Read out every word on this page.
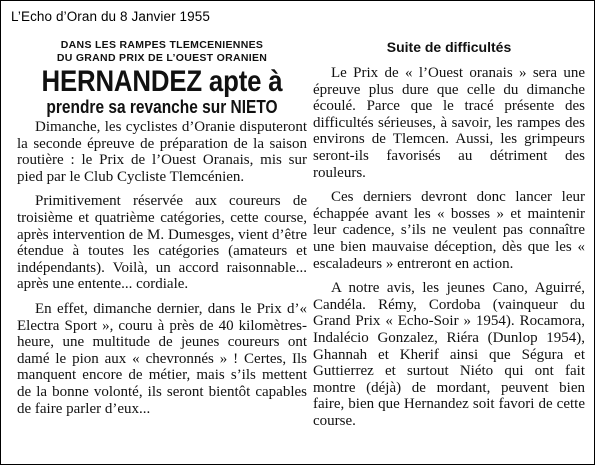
L’Echo d’Oran du 8 Janvier 1955
DANS LES RAMPES TLEMCENIENNES
DU GRAND PRIX DE L’OUEST ORANIEN
HERNANDEZ apte à
prendre sa revanche sur NIETO

Dimanche, les cyclistes d’Oranie disputeront la seconde épreuve de préparation de la saison routière : le Prix de l’Ouest Oranais, mis sur pied par le Club Cycliste Tlemcénien.

Primitivement réservée aux coureurs de troisième et quatrième catégories, cette course, après intervention de M. Dumesges, vient d’être étendue à toutes les catégories (amateurs et indépendants). Voilà, un accord raisonnable... après une entente... cordiale.

En effet, dimanche dernier, dans le Prix d’« Electra Sport », couru à près de 40 kilomètres-heure, une multitude de jeunes coureurs ont damé le pion aux « chevronnés » ! Certes, Ils manquent encore de métier, mais s’ils mettent de la bonne volonté, ils seront bientôt capables de faire parler d’eux...

Suite de difficultés

Le Prix de « l’Ouest oranais » sera une épreuve plus dure que celle du dimanche écoulé. Parce que le tracé présente des difficultés sérieuses, à savoir, les rampes des environs de Tlemcen. Aussi, les grimpeurs seront-ils favorisés au détriment des rouleurs.

Ces derniers devront donc lancer leur échappée avant les « bosses » et maintenir leur cadence, s’ils ne veulent pas connaître une bien mauvaise déception, dès que les « escaladeurs » entreront en action.

A notre avis, les jeunes Cano, Aguirré, Candéla. Rémy, Cordoba (vainqueur du Grand Prix « Echo-Soir » 1954). Rocamora, Indalécio Gonzalez, Riéra (Dunlop 1954), Ghannah et Kherif ainsi que Ségura et Guttierrez et surtout Niéto qui ont fait montre (déjà) de mordant, peuvent bien faire, bien que Hernandez soit favori de cette course.
